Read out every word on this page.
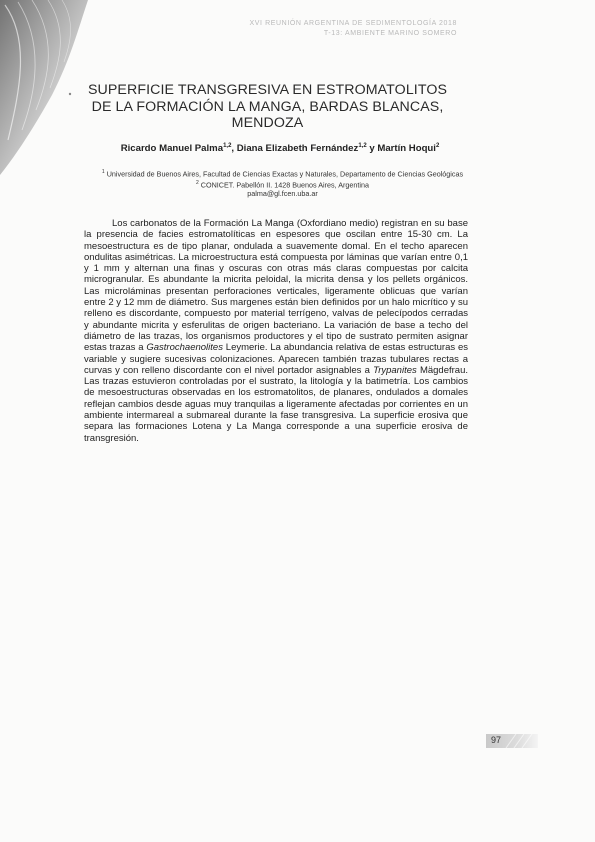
XVI REUNIÓN ARGENTINA DE SEDIMENTOLOGÍA 2018
T-13: AMBIENTE MARINO SOMERO
SUPERFICIE TRANSGRESIVA EN ESTROMATOLITOS
DE LA FORMACIÓN LA MANGA, BARDAS BLANCAS,
MENDOZA
Ricardo Manuel Palma$^{1,2}$, Diana Elizabeth Fernández$^{1,2}$ y Martín Hoqui$^2$
$^1$ Universidad de Buenos Aires, Facultad de Ciencias Exactas y Naturales, Departamento de Ciencias Geológicas
$^2$ CONICET. Pabellón II. 1428 Buenos Aires, Argentina
palma@gl.fcen.uba.ar
Los carbonatos de la Formación La Manga (Oxfordiano medio) registran en su base la presencia de facies estromatolíticas en espesores que oscilan entre 15-30 cm. La mesoestructura es de tipo planar, ondulada a suavemente domal. En el techo aparecen ondulitas asimétricas. La microestructura está compuesta por láminas que varían entre 0,1 y 1 mm y alternan una finas y oscuras con otras más claras compuestas por calcita microgranular. Es abundante la micrita peloidal, la micrita densa y los pellets orgánicos. Las microláminas presentan perforaciones verticales, ligeramente oblicuas que varían entre 2 y 12 mm de diámetro. Sus margenes están bien definidos por un halo micrítico y su relleno es discordante, compuesto por material terrígeno, valvas de pelecípodos cerradas y abundante micrita y esferulitas de origen bacteriano. La variación de base a techo del diámetro de las trazas, los organismos productores y el tipo de sustrato permiten asignar estas trazas a Gastrochaenolites Leymerie. La abundancia relativa de estas estructuras es variable y sugiere sucesivas colonizaciones. Aparecen también trazas tubulares rectas a curvas y con relleno discordante con el nivel portador asignables a Trypanites Mägdefrau. Las trazas estuvieron controladas por el sustrato, la litología y la batimetría. Los cambios de mesoestructuras observadas en los estromatolitos, de planares, ondulados a domales reflejan cambios desde aguas muy tranquilas a ligeramente afectadas por corrientes en un ambiente intermareal a submareal durante la fase transgresiva. La superficie erosiva que separa las formaciones Lotena y La Manga corresponde a una superficie erosiva de transgresión.
97
